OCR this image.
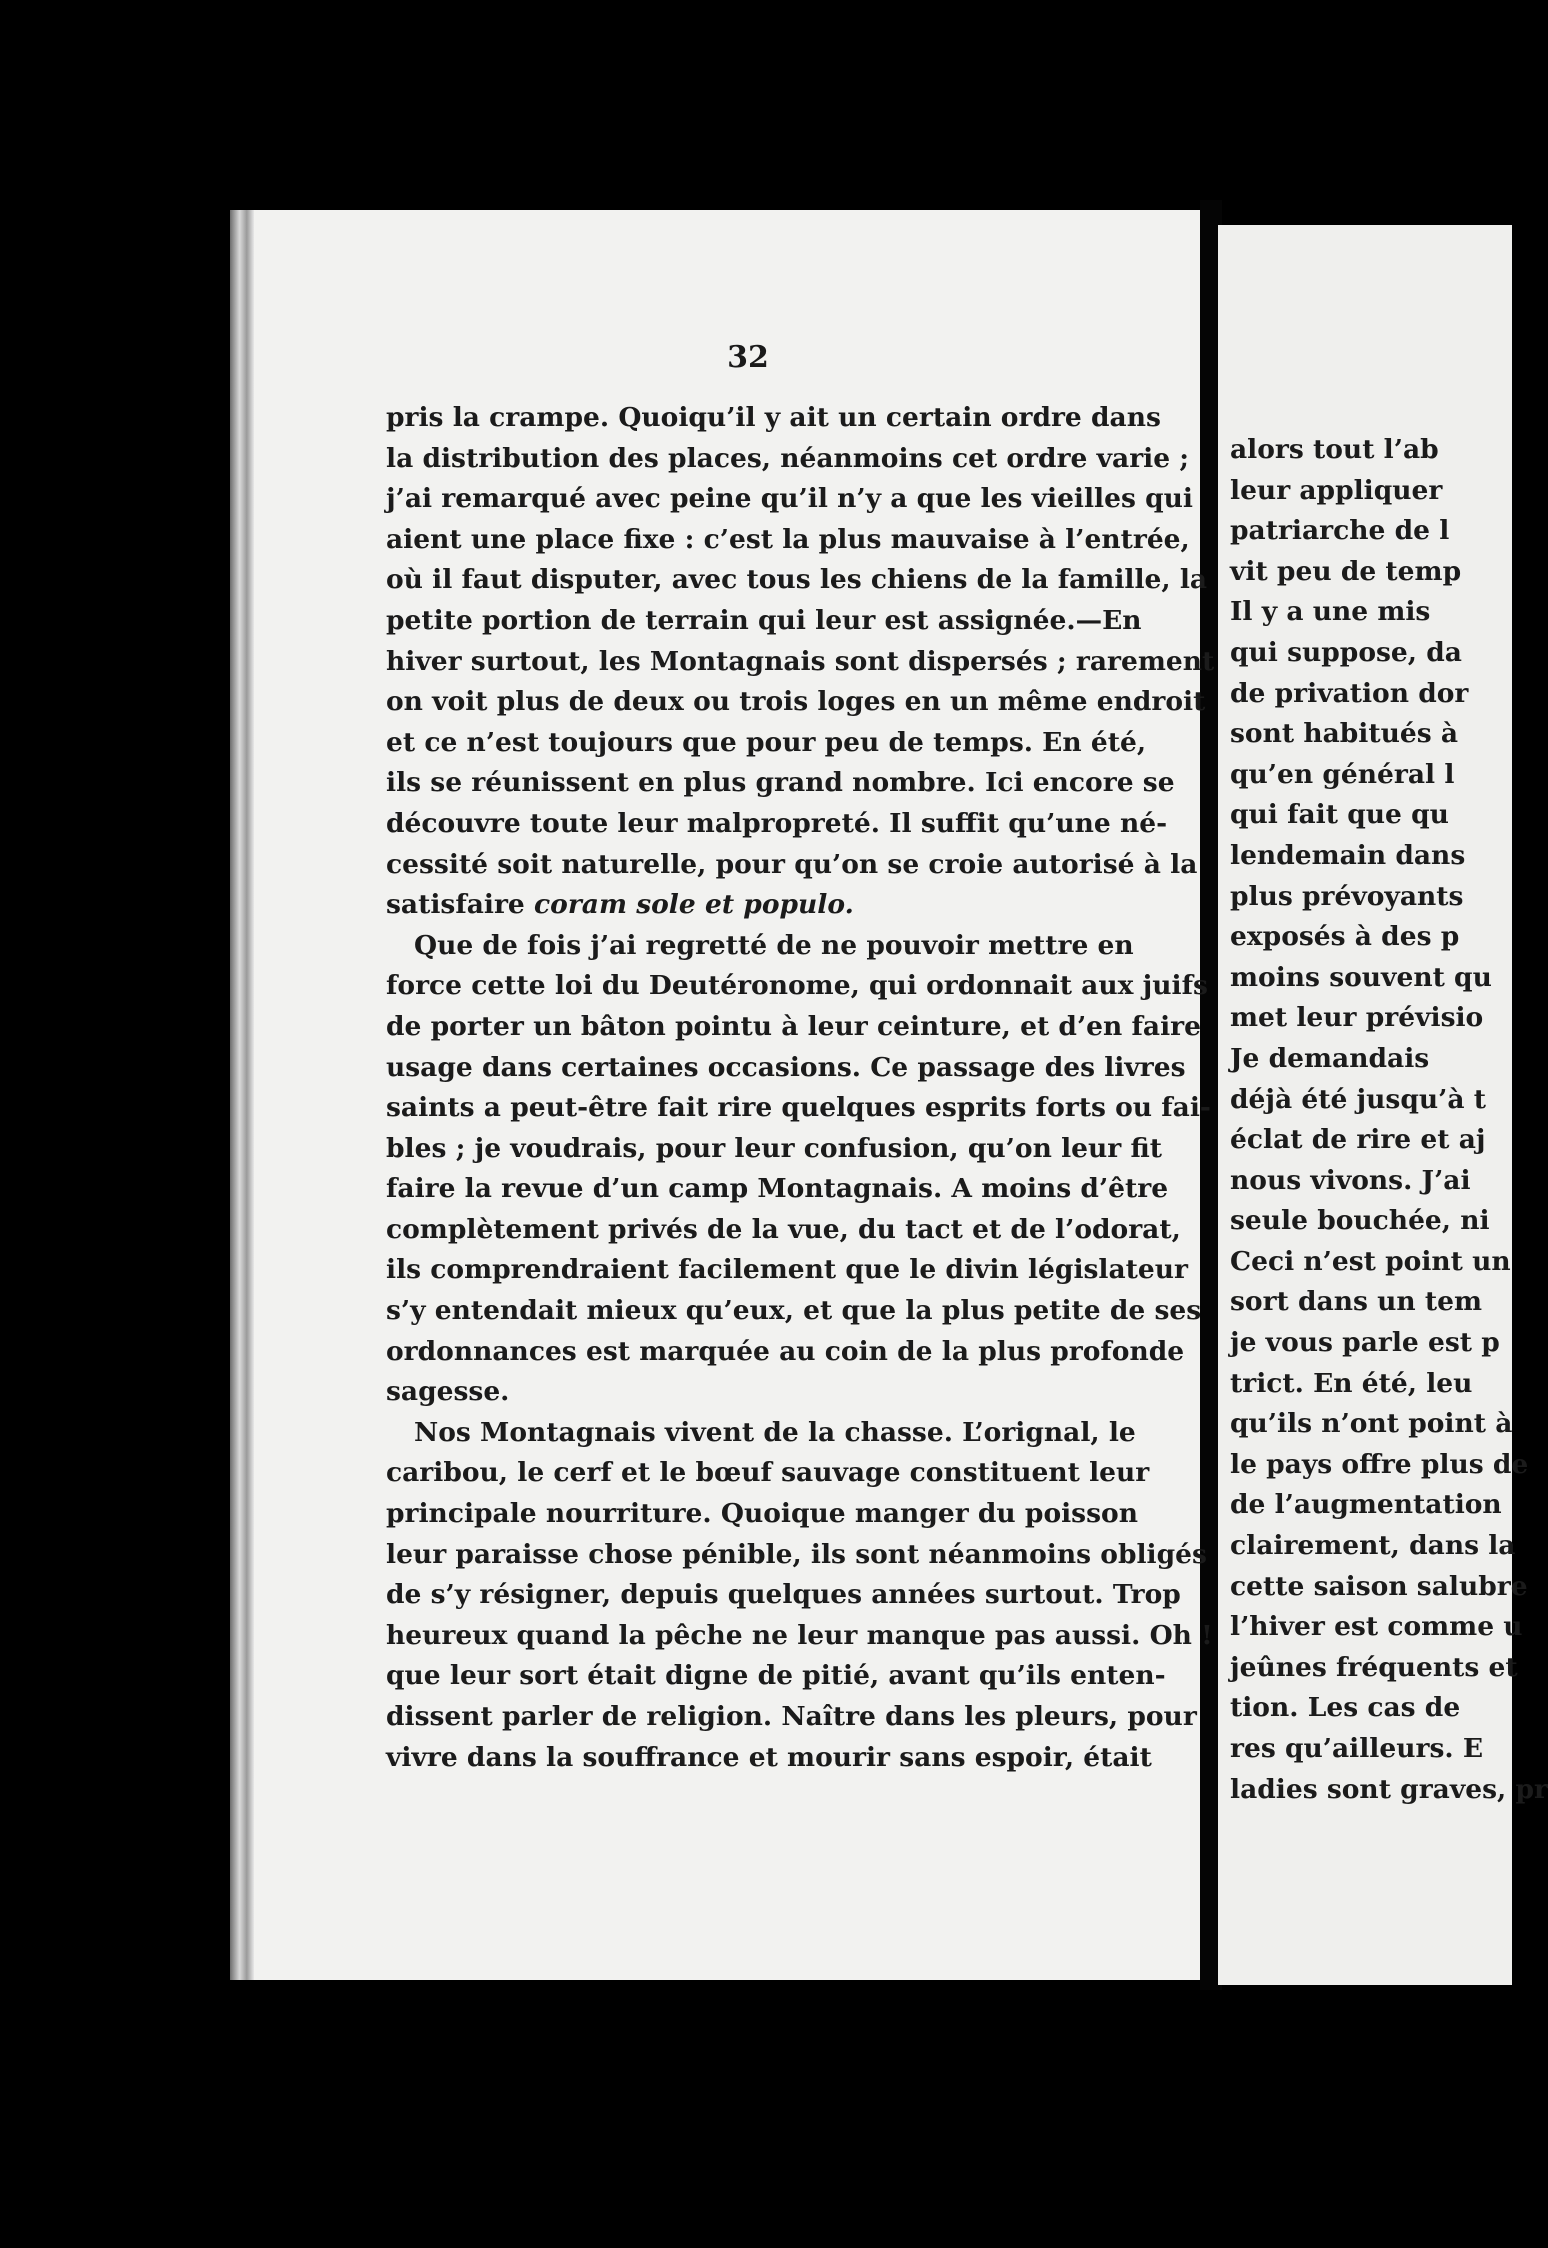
32
pris la crampe. Quoiqu’il y ait un certain ordre dans
la distribution des places, néanmoins cet ordre varie ;
j’ai remarqué avec peine qu’il n’y a que les vieilles qui
aient une place fixe : c’est la plus mauvaise à l’entrée,
où il faut disputer, avec tous les chiens de la famille, la
petite portion de terrain qui leur est assignée.—En
hiver surtout, les Montagnais sont dispersés ; rarement
on voit plus de deux ou trois loges en un même endroit
et ce n’est toujours que pour peu de temps. En été,
ils se réunissent en plus grand nombre. Ici encore se
découvre toute leur malpropreté. Il suffit qu’une né-
cessité soit naturelle, pour qu’on se croie autorisé à la
satisfaire coram sole et populo.
Que de fois j’ai regretté de ne pouvoir mettre en
force cette loi du Deutéronome, qui ordonnait aux juifs
de porter un bâton pointu à leur ceinture, et d’en faire
usage dans certaines occasions. Ce passage des livres
saints a peut-être fait rire quelques esprits forts ou fai-
bles ; je voudrais, pour leur confusion, qu’on leur fit
faire la revue d’un camp Montagnais. A moins d’être
complètement privés de la vue, du tact et de l’odorat,
ils comprendraient facilement que le divin législateur
s’y entendait mieux qu’eux, et que la plus petite de ses
ordonnances est marquée au coin de la plus profonde
sagesse.
Nos Montagnais vivent de la chasse. L’orignal, le
caribou, le cerf et le bœuf sauvage constituent leur
principale nourriture. Quoique manger du poisson
leur paraisse chose pénible, ils sont néanmoins obligés
de s’y résigner, depuis quelques années surtout. Trop
heureux quand la pêche ne leur manque pas aussi. Oh !
que leur sort était digne de pitié, avant qu’ils enten-
dissent parler de religion. Naître dans les pleurs, pour
vivre dans la souffrance et mourir sans espoir, était
alors tout l’ab
leur appliquer
patriarche de l
vit peu de temp
Il y a une mis
qui suppose, da
de privation dor
sont habitués à
qu’en général l
qui fait que qu
lendemain dans
plus prévoyants
exposés à des p
moins souvent qu
met leur prévisio
Je demandais
déjà été jusqu’à t
éclat de rire et aj
nous vivons. J’ai
seule bouchée, ni
Ceci n’est point un
sort dans un tem
je vous parle est p
trict. En été, leu
qu’ils n’ont point à
le pays offre plus de
de l’augmentation
clairement, dans la
cette saison salubre
l’hiver est comme u
jeûnes fréquents et
tion. Les cas de
res qu’ailleurs. E
ladies sont graves, pr
